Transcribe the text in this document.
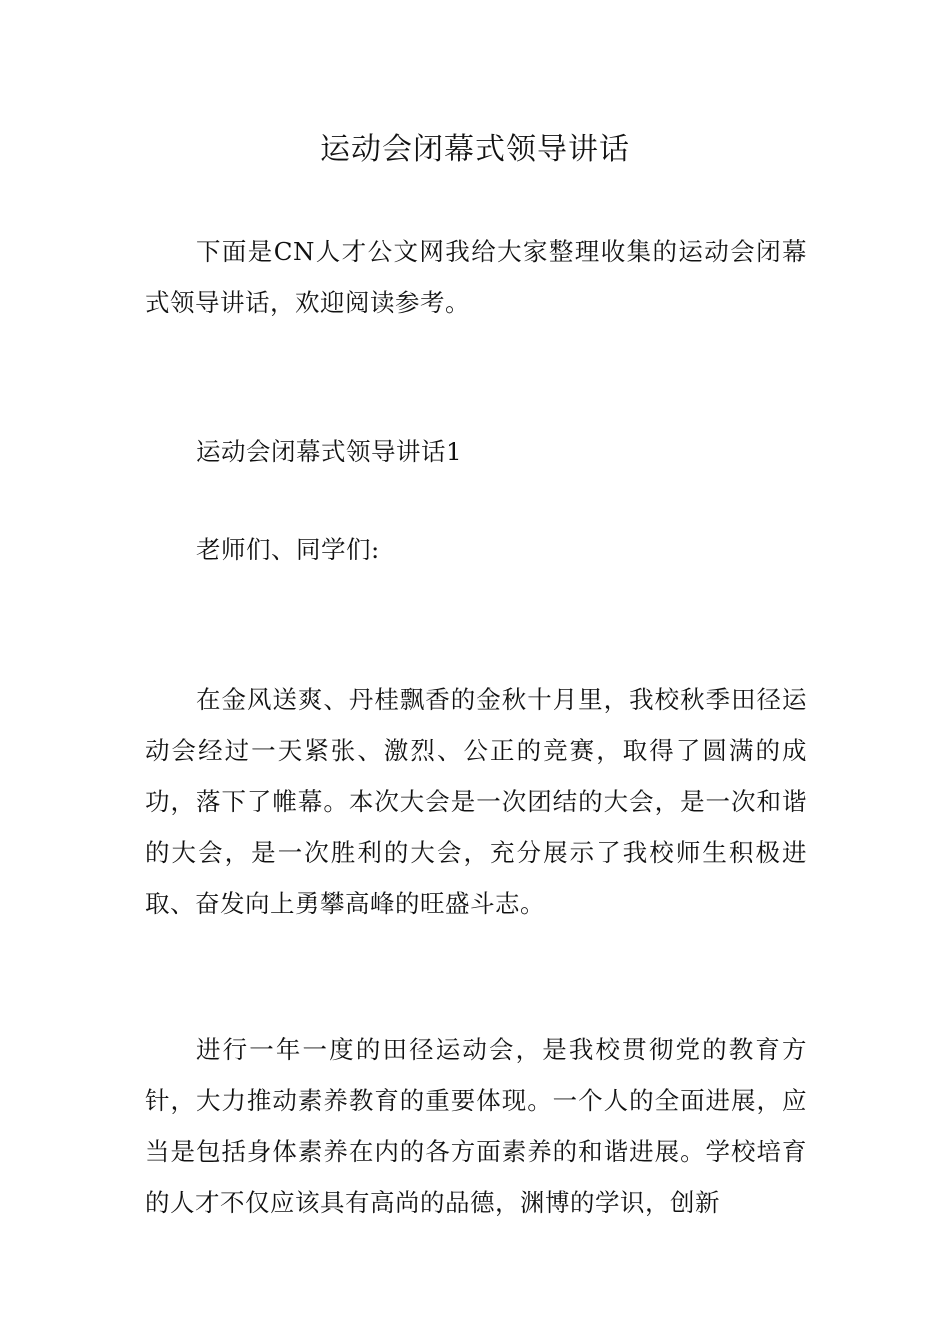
运动会闭幕式领导讲话

下面是CN人才公文网我给大家整理收集的运动会闭幕式领导讲话，欢迎阅读参考。

运动会闭幕式领导讲话1

老师们、同学们:

在金风送爽、丹桂飘香的金秋十月里，我校秋季田径运动会经过一天紧张、激烈、公正的竞赛，取得了圆满的成功，落下了帷幕。本次大会是一次团结的大会，是一次和谐的大会，是一次胜利的大会，充分展示了我校师生积极进取、奋发向上勇攀高峰的旺盛斗志。

进行一年一度的田径运动会，是我校贯彻党的教育方针，大力推动素养教育的重要体现。一个人的全面进展，应当是包括身体素养在内的各方面素养的和谐进展。学校培育的人才不仅应该具有高尚的品德，渊博的学识，创新
